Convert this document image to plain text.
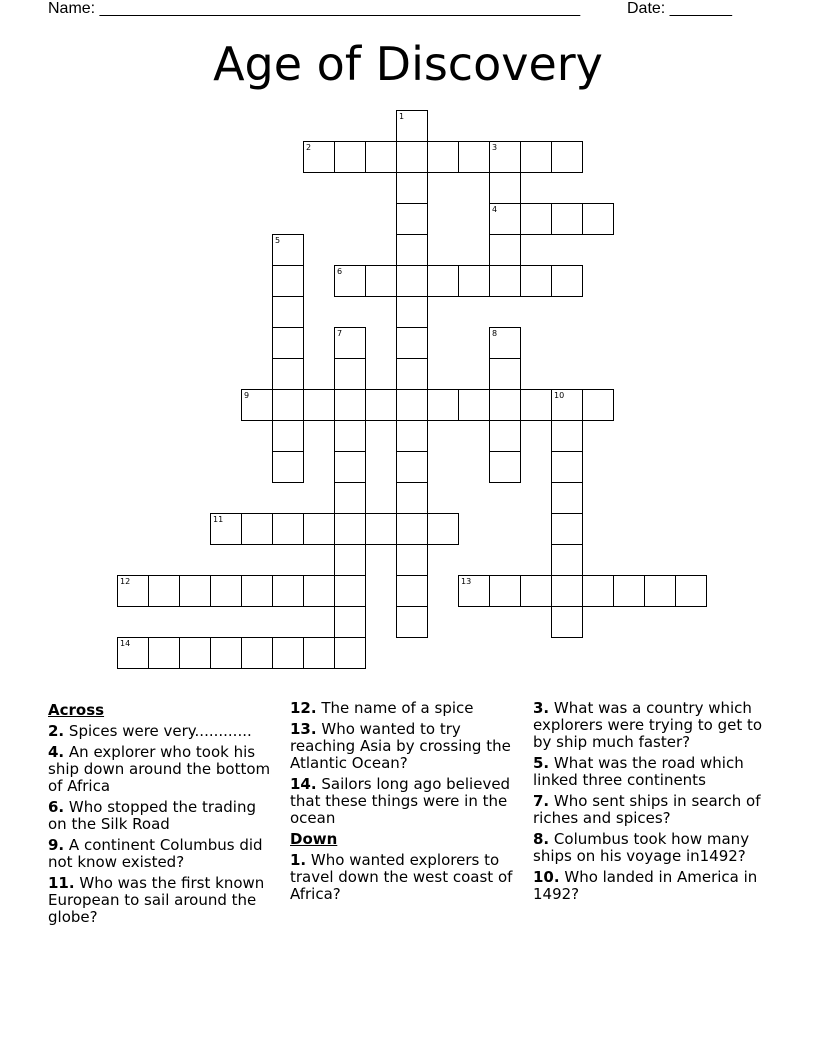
Name: ______________________________________________________	Date: _______
Age of Discovery
1
2	3
4
5
6
7	8
9	10
11
12	13
14
Across
2. Spices were very............
4. An explorer who took his ship down around the bottom of Africa
6. Who stopped the trading on the Silk Road
9. A continent Columbus did not know existed?
11. Who was the first known European to sail around the globe?
12. The name of a spice
13. Who wanted to try reaching Asia by crossing the Atlantic Ocean?
14. Sailors long ago believed that these things were in the ocean
Down
1. Who wanted explorers to travel down the west coast of Africa?
3. What was a country which explorers were trying to get to by ship much faster?
5. What was the road which linked three continents
7. Who sent ships in search of riches and spices?
8. Columbus took how many ships on his voyage in1492?
10. Who landed in America in 1492?
